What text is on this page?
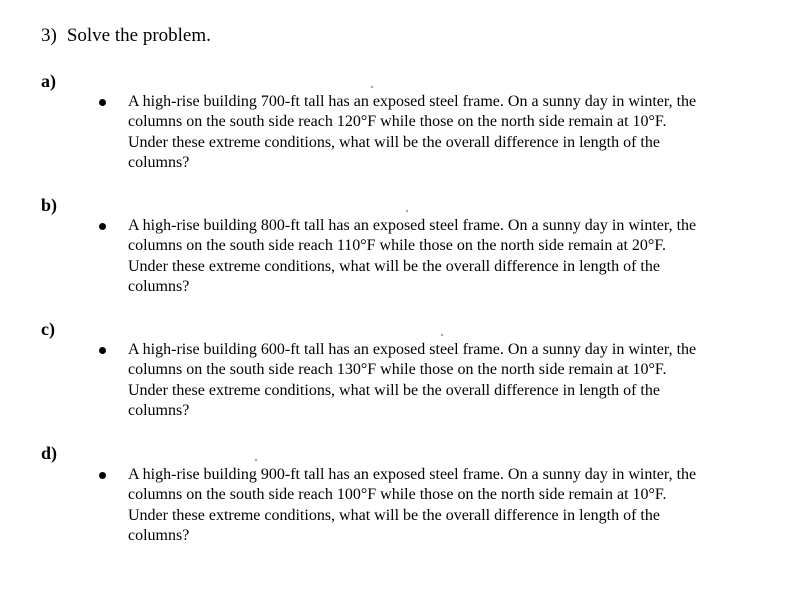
3) Solve the problem.
a)
A high-rise building 700-ft tall has an exposed steel frame. On a sunny day in winter, the
columns on the south side reach 120°F while those on the north side remain at 10°F.
Under these extreme conditions, what will be the overall difference in length of the
columns?
b)
A high-rise building 800-ft tall has an exposed steel frame. On a sunny day in winter, the
columns on the south side reach 110°F while those on the north side remain at 20°F.
Under these extreme conditions, what will be the overall difference in length of the
columns?
c)
A high-rise building 600-ft tall has an exposed steel frame. On a sunny day in winter, the
columns on the south side reach 130°F while those on the north side remain at 10°F.
Under these extreme conditions, what will be the overall difference in length of the
columns?
d)
A high-rise building 900-ft tall has an exposed steel frame. On a sunny day in winter, the
columns on the south side reach 100°F while those on the north side remain at 10°F.
Under these extreme conditions, what will be the overall difference in length of the
columns?
